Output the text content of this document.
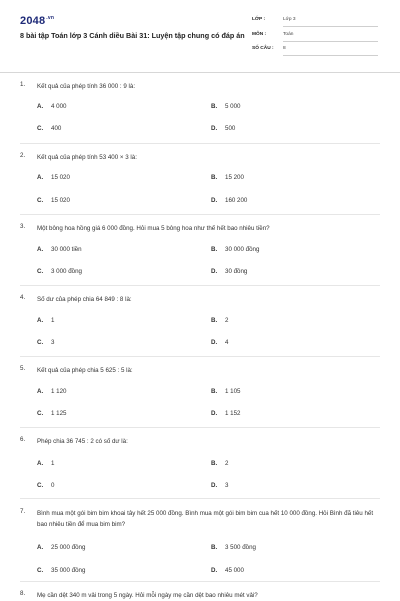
$2048^{.vn}$
8 bài tập Toán lớp 3 Cánh diều Bài 31: Luyện tập chung có đáp án
LỚP :	Lớp 3
MÔN :	Toán
SỐ CÂU : 8
1. Kết quả của phép tính 36 000 : 9 là:

A. 4 000	B. 5 000
C. 400	D. 500
2. Kết quả của phép tính 53 400 × 3 là:

A. 15 020	B. 15 200
C. 15 020	D. 160 200
3. Một bông hoa hồng giá 6 000 đồng. Hỏi mua 5 bông hoa như thế hết bao nhiêu tiền?

A. 30 000 tiền	B. 30 000 đồng
C. 3 000 đồng	D. 30 đồng
4. Số dư của phép chia 64 849 : 8 là:

A. 1	B. 2
C. 3	D. 4
5. Kết quả của phép chia 5 625 : 5 là:

A. 1 120	B. 1 105
C. 1 125	D. 1 152
6. Phép chia 36 745 : 2 có số dư là:

A. 1	B. 2
C. 0	D. 3
7. Bình mua một gói bim bim khoai tây hết 25 000 đồng. Bình mua một gói bim bim cua hết 10 000 đồng. Hỏi Bình đã tiêu hết bao nhiêu tiền để mua bim bim?

A. 25 000 đồng	B. 3 500 đồng
C. 35 000 đồng	D. 45 000
8. Mẹ cần dệt 340 m vải trong 5 ngày. Hỏi mỗi ngày mẹ cần dệt bao nhiêu mét vải?
